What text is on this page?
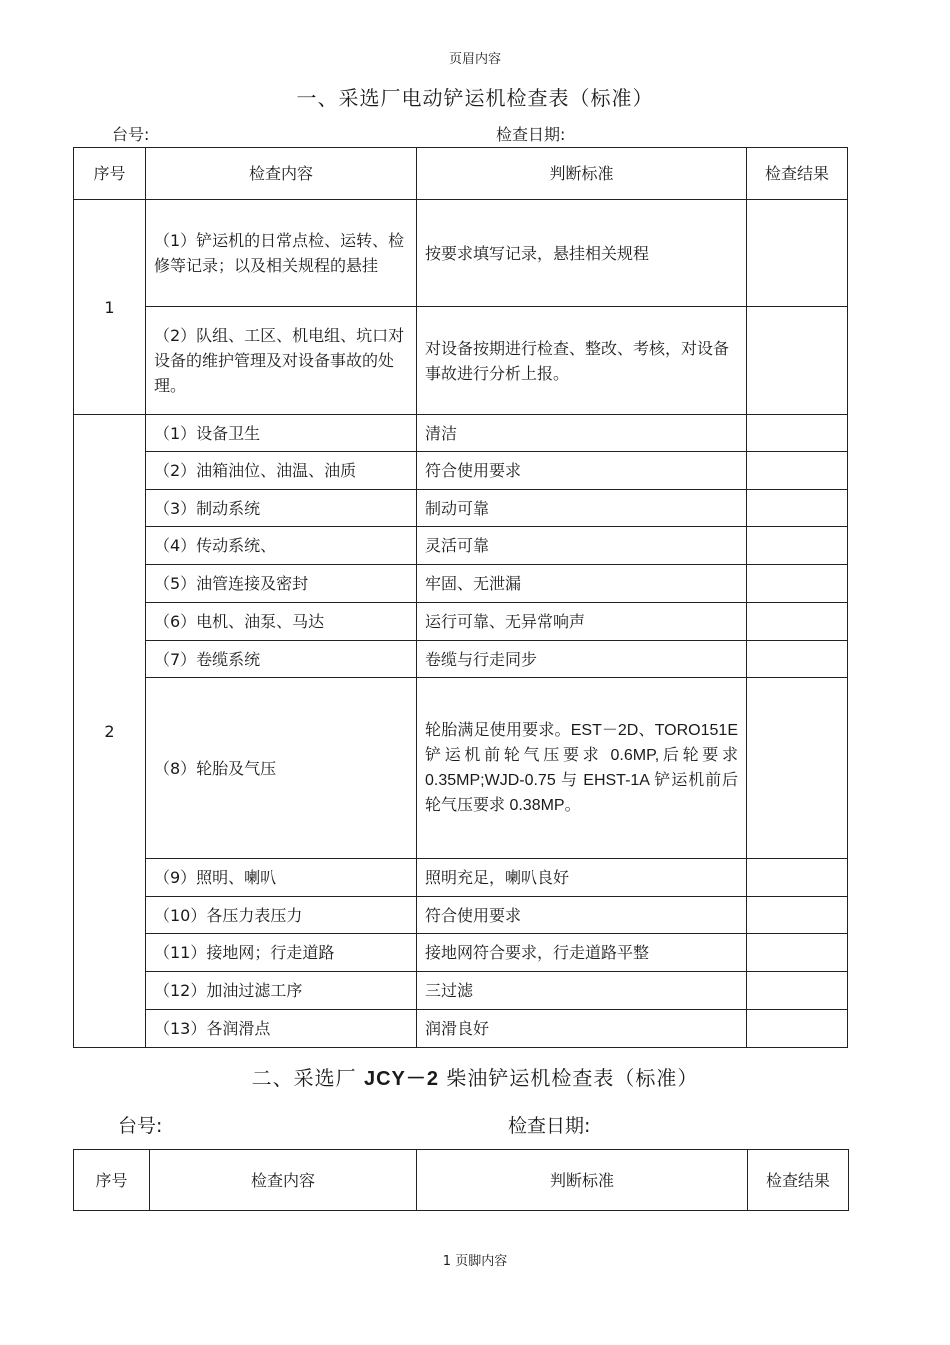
页眉内容
一、采选厂电动铲运机检查表（标准）
台号:	检查日期:
序号	检查内容	判断标准	检查结果
1	（1）铲运机的日常点检、运转、检修等记录；以及相关规程的悬挂	按要求填写记录，悬挂相关规程	
	（2）队组、工区、机电组、坑口对设备的维护管理及对设备事故的处理。	对设备按期进行检查、整改、考核，对设备事故进行分析上报。	
2	（1）设备卫生	清洁	
	（2）油箱油位、油温、油质	符合使用要求	
	（3）制动系统	制动可靠	
	（4）传动系统、	灵活可靠	
	（5）油管连接及密封	牢固、无泄漏	
	（6）电机、油泵、马达	运行可靠、无异常响声	
	（7）卷缆系统	卷缆与行走同步	
	（8）轮胎及气压	轮胎满足使用要求。EST－2D、TORO151E 铲运机前轮气压要求 0.6MP,后轮要求 0.35MP;WJD-0.75 与 EHST-1A 铲运机前后轮气压要求 0.38MP。	
	（9）照明、喇叭	照明充足，喇叭良好	
	（10）各压力表压力	符合使用要求	
	（11）接地网；行走道路	接地网符合要求，行走道路平整	
	（12）加油过滤工序	三过滤	
	（13）各润滑点	润滑良好	
二、采选厂 JCY－2 柴油铲运机检查表（标准）
台号:	检查日期:
序号	检查内容	判断标准	检查结果
1 页脚内容
